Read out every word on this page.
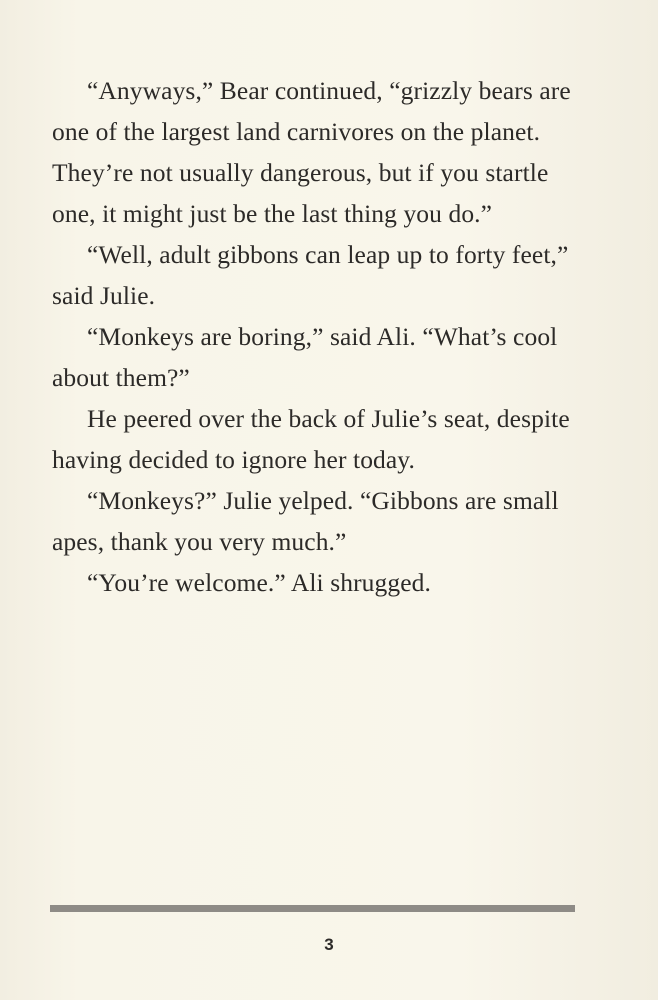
“Anyways,” Bear continued, “grizzly bears are one of the largest land carnivores on the planet. They’re not usually dangerous, but if you startle one, it might just be the last thing you do.”

“Well, adult gibbons can leap up to forty feet,” said Julie.

“Monkeys are boring,” said Ali. “What’s cool about them?”

He peered over the back of Julie’s seat, despite having decided to ignore her today.

“Monkeys?” Julie yelped. “Gibbons are small apes, thank you very much.”

“You’re welcome.” Ali shrugged.

3
